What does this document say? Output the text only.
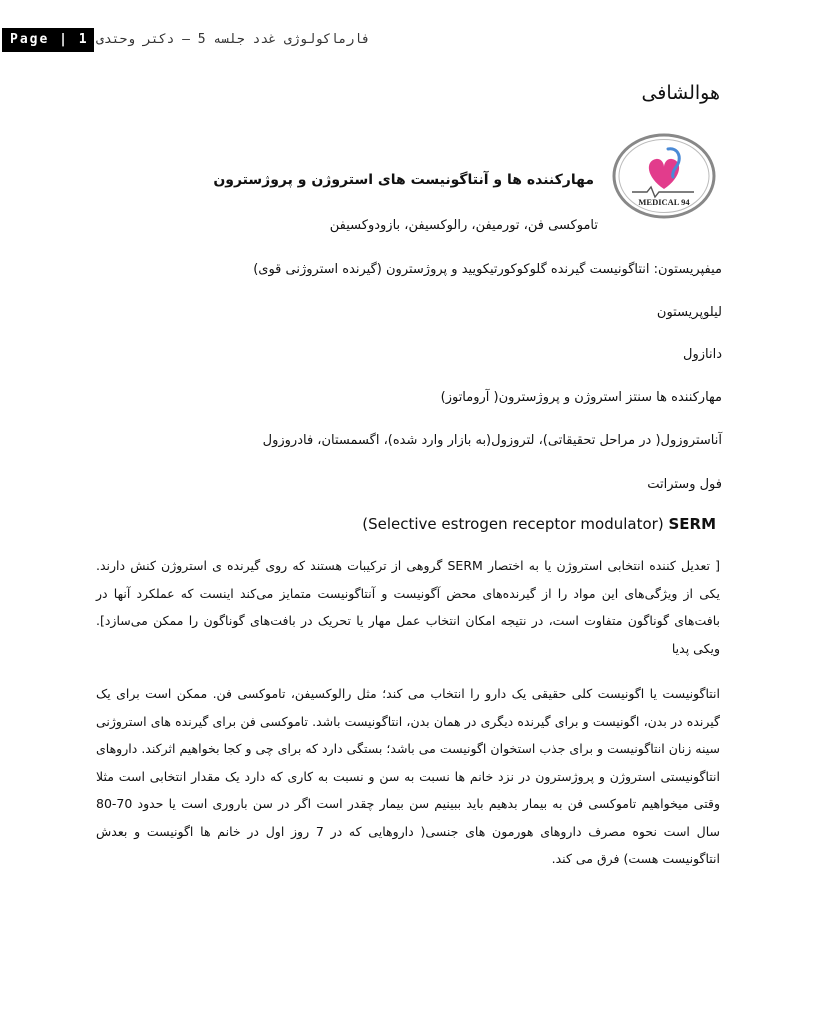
Page | 1 فارماکولوژی غدد جلسه 5 – دکتر وحتدی
هوالشافی
MEDICAL 94
مهارکننده ها و آنتاگونیست های استروژن و پروژسترون
تاموکسی فن، تورمیفن، رالوکسیفن، بازودوکسیفن
میفپریستون: انتاگونیست گیرنده گلوکوکورتیکویید و پروژسترون (گیرنده استروژنی قوی)
لیلوپریستون
دانازول
مهارکننده ها سنتز استروژن و پروژسترون( آروماتوز)
آناستروزول( در مراحل تحقیقاتی)، لتروزول(به بازار وارد شده)، اگسمستان، فادروزول
فول وستراتت
(Selective estrogen receptor modulator) SERM
[ تعدیل کننده انتخابی استروژن یا به اختصار SERM گروهی از ترکیبات هستند که روی گیرنده ی استروژن کنش دارند. یکی از ویژگی‌های این مواد را از گیرنده‌های محض آگونیست و آنتاگونیست متمایز می‌کند اینست که عملکرد آنها در بافت‌های گوناگون متفاوت است، در نتیجه امکان انتخاب عمل مهار یا تحریک در بافت‌های گوناگون را ممکن می‌سازد]. ویکی پدیا
انتاگونیست یا اگونیست کلی حقیقی یک دارو را انتخاب می کند؛ مثل رالوکسیفن، تاموکسی فن. ممکن است برای یک گیرنده در بدن، اگونیست و برای گیرنده دیگری در همان بدن، انتاگونیست باشد. تاموکسی فن برای گیرنده های استروژنی سینه زنان انتاگونیست و برای جذب استخوان اگونیست می باشد؛ بستگی دارد که برای چی و کجا بخواهیم اثرکند. داروهای انتاگونیستی استروژن و پروژسترون در نزد خانم ها نسبت به سن و نسبت به کاری که دارد یک مقدار انتخابی است مثلا وقتی میخواهیم تاموکسی فن به بیمار بدهیم باید ببینیم سن بیمار چقدر است اگر در سن باروری است یا حدود 70-80 سال است نحوه مصرف داروهای هورمون های جنسی( داروهایی که در 7 روز اول در خانم ها اگونیست و بعدش انتاگونیست هست) فرق می کند.
